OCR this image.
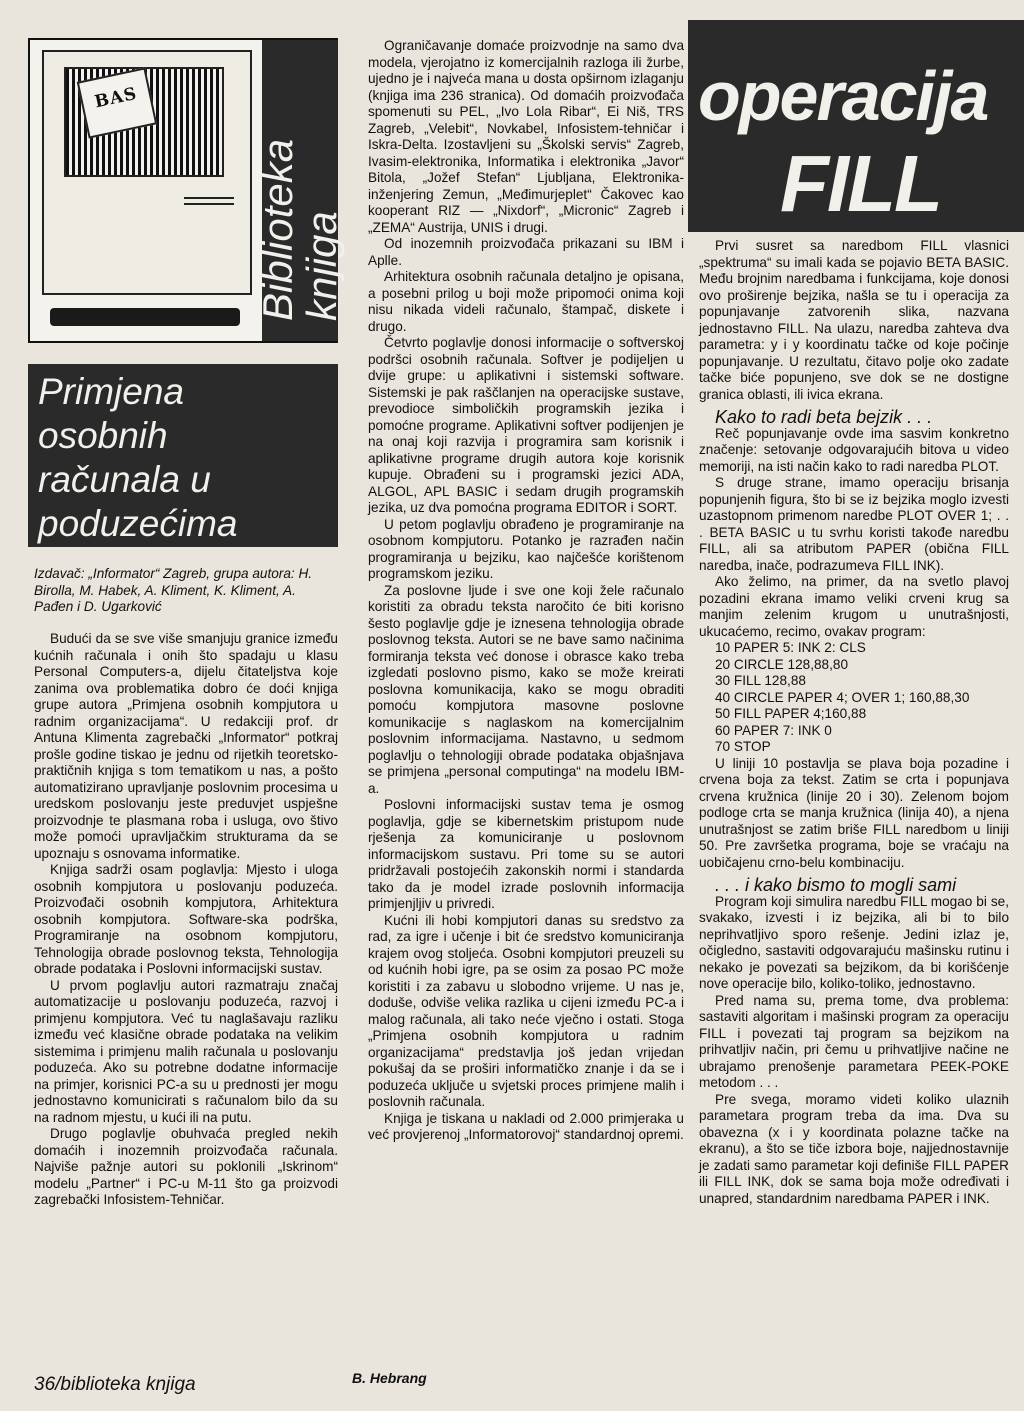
BAS
Biblioteka
knjiga
Primjena
osobnih
računala u
poduzećima
Izdavač: „Informator“ Zagreb, grupa autora: H. Birolla, M. Habek, A. Kliment, K. Kliment, A. Pađen i D. Ugarković

Budući da se sve više smanjuju granice između kućnih računala i onih što spadaju u klasu Personal Computers-a, dijelu čitateljstva koje zanima ova problematika dobro će doći knjiga grupe autora „Primjena osobnih kompjutora u radnim organizacijama“. U redakciji prof. dr Antuna Klimenta zagrebački „Informator“ potkraj prošle godine tiskao je jednu od rijetkih teoretsko-praktičnih knjiga s tom tematikom u nas, a pošto automatizirano upravljanje poslovnim procesima u uredskom poslovanju jeste preduvjet uspješne proizvodnje te plasmana roba i usluga, ovo štivo može pomoći upravljačkim strukturama da se upoznaju s osnovama informatike.

Knjiga sadrži osam poglavlja: Mjesto i uloga osobnih kompjutora u poslovanju poduzeća. Proizvođači osobnih kompjutora, Arhitektura osobnih kompjutora. Software-ska podrška, Programiranje na osobnom kompjutoru, Tehnologija obrade poslovnog teksta, Tehnologija obrade podataka i Poslovni informacijski sustav.

U prvom poglavlju autori razmatraju značaj automatizacije u poslovanju poduzeća, razvoj i primjenu kompjutora. Već tu naglašavaju razliku između već klasične obrade podataka na velikim sistemima i primjenu malih računala u poslovanju poduzeća. Ako su potrebne dodatne informacije na primjer, korisnici PC-a su u prednosti jer mogu jednostavno komunicirati s računalom bilo da su na radnom mjestu, u kući ili na putu.

Drugo poglavlje obuhvaća pregled nekih domaćih i inozemnih proizvođača računala. Najviše pažnje autori su poklonili „Iskrinom“ modelu „Partner“ i PC-u M-11 što ga proizvodi zagrebački Infosistem-Tehničar.

Ograničavanje domaće proizvodnje na samo dva modela, vjerojatno iz komercijalnih razloga ili žurbe, ujedno je i najveća mana u dosta opširnom izlaganju (knjiga ima 236 stranica). Od domaćih proizvođača spomenuti su PEL, „Ivo Lola Ribar“, Ei Niš, TRS Zagreb, „Velebit“, Novkabel, Infosistem-tehničar i Iskra-Delta. Izostavljeni su „Školski servis“ Zagreb, Ivasim-elektronika, Informatika i elektronika „Javor“ Bitola, „Jožef Stefan“ Ljubljana, Elektronika-inženjering Zemun, „Međimurjeplet“ Čakovec kao kooperant RIZ — „Nixdorf“, „Micronic“ Zagreb i „ZEMA“ Austrija, UNIS i drugi.

Od inozemnih proizvođača prikazani su IBM i Aplle.

Arhitektura osobnih računala detaljno je opisana, a posebni prilog u boji može pripomoći onima koji nisu nikada videli računalo, štampač, diskete i drugo.

Četvrto poglavlje donosi informacije o softverskoj podršci osobnih računala. Softver je podijeljen u dvije grupe: u aplikativni i sistemski software. Sistemski je pak raščlanjen na operacijske sustave, prevodioce simboličkih programskih jezika i pomoćne programe. Aplikativni softver podijenjen je na onaj koji razvija i programira sam korisnik i aplikativne programe drugih autora koje korisnik kupuje. Obrađeni su i programski jezici ADA, ALGOL, APL BASIC i sedam drugih programskih jezika, uz dva pomoćna programa EDITOR i SORT.

U petom poglavlju obrađeno je programiranje na osobnom kompjutoru. Potanko je razrađen način programiranja u bejziku, kao najčešće korištenom programskom jeziku.

Za poslovne ljude i sve one koji žele računalo koristiti za obradu teksta naročito će biti korisno šesto poglavlje gdje je iznesena tehnologija obrade poslovnog teksta. Autori se ne bave samo načinima formiranja teksta već donose i obrasce kako treba izgledati poslovno pismo, kako se može kreirati poslovna komunikacija, kako se mogu obraditi pomoću kompjutora masovne poslovne komunikacije s naglaskom na komercijalnim poslovnim informacijama. Nastavno, u sedmom poglavlju o tehnologiji obrade podataka objašnjava se primjena „personal computinga“ na modelu IBM-a.

Poslovni informacijski sustav tema je osmog poglavlja, gdje se kibernetskim pristupom nude rješenja za komuniciranje u poslovnom informacijskom sustavu. Pri tome su se autori pridržavali postojećih zakonskih normi i standarda tako da je model izrade poslovnih informacija primjenjljiv u privredi.

Kućni ili hobi kompjutori danas su sredstvo za rad, za igre i učenje i bit će sredstvo komuniciranja krajem ovog stoljeća. Osobni kompjutori preuzeli su od kućnih hobi igre, pa se osim za posao PC može koristiti i za zabavu u slobodno vrijeme. U nas je, doduše, odviše velika razlika u cijeni između PC-a i malog računala, ali tako neće vječno i ostati. Stoga „Primjena osobnih kompjutora u radnim organizacijama“ predstavlja još jedan vrijedan pokušaj da se proširi informatičko znanje i da se i poduzeća uključe u svjetski proces primjene malih i poslovnih računala.

Knjiga je tiskana u nakladi od 2.000 primjeraka u već provjerenoj „Informatorovoj“ standardnoj opremi.

operacija
FILL

Prvi susret sa naredbom FILL vlasnici „spektruma“ su imali kada se pojavio BETA BASIC. Među brojnim naredbama i funkcijama, koje donosi ovo proširenje bejzika, našla se tu i operacija za popunjavanje zatvorenih slika, nazvana jednostavno FILL. Na ulazu, naredba zahteva dva parametra: y i y koordinatu tačke od koje počinje popunjavanje. U rezultatu, čitavo polje oko zadate tačke biće popunjeno, sve dok se ne dostigne granica oblasti, ili ivica ekrana.

Kako to radi beta bejzik . . .

Reč popunjavanje ovde ima sasvim konkretno značenje: setovanje odgovarajućih bitova u video memoriji, na isti način kako to radi naredba PLOT.

S druge strane, imamo operaciju brisanja popunjenih figura, što bi se iz bejzika moglo izvesti uzastopnom primenom naredbe PLOT OVER 1; . . . BETA BASIC u tu svrhu koristi takođe naredbu FILL, ali sa atributom PAPER (obična FILL naredba, inače, podrazumeva FILL INK).

Ako želimo, na primer, da na svetlo plavoj pozadini ekrana imamo veliki crveni krug sa manjim zelenim krugom u unutrašnjosti, ukucaćemo, recimo, ovakav program:

10 PAPER 5: INK 2: CLS
20 CIRCLE 128,88,80
30 FILL 128,88
40 CIRCLE PAPER 4; OVER 1; 160,88,30
50 FILL PAPER 4;160,88
60 PAPER 7: INK 0
70 STOP

U liniji 10 postavlja se plava boja pozadine i crvena boja za tekst. Zatim se crta i popunjava crvena kružnica (linije 20 i 30). Zelenom bojom podloge crta se manja kružnica (linija 40), a njena unutrašnjost se zatim briše FILL naredbom u liniji 50. Pre završetka programa, boje se vraćaju na uobičajenu crno-belu kombinaciju.

. . . i kako bismo to mogli sami

Program koji simulira naredbu FILL mogao bi se, svakako, izvesti i iz bejzika, ali bi to bilo neprihvatljivo sporo rešenje. Jedini izlaz je, očigledno, sastaviti odgovarajuću mašinsku rutinu i nekako je povezati sa bejzikom, da bi korišćenje nove operacije bilo, koliko-toliko, jednostavno.

Pred nama su, prema tome, dva problema: sastaviti algoritam i mašinski program za operaciju FILL i povezati taj program sa bejzikom na prihvatljiv način, pri čemu u prihvatljive načine ne ubrajamo prenošenje parametara PEEK-POKE metodom . . .

Pre svega, moramo videti koliko ulaznih parametara program treba da ima. Dva su obavezna (x i y koordinata polazne tačke na ekranu), a što se tiče izbora boje, najjednostavnije je zadati samo parametar koji definiše FILL PAPER ili FILL INK, dok se sama boja može određivati i unapred, standardnim naredbama PAPER i INK.

36/biblioteka knjiga	B. Hebrang
